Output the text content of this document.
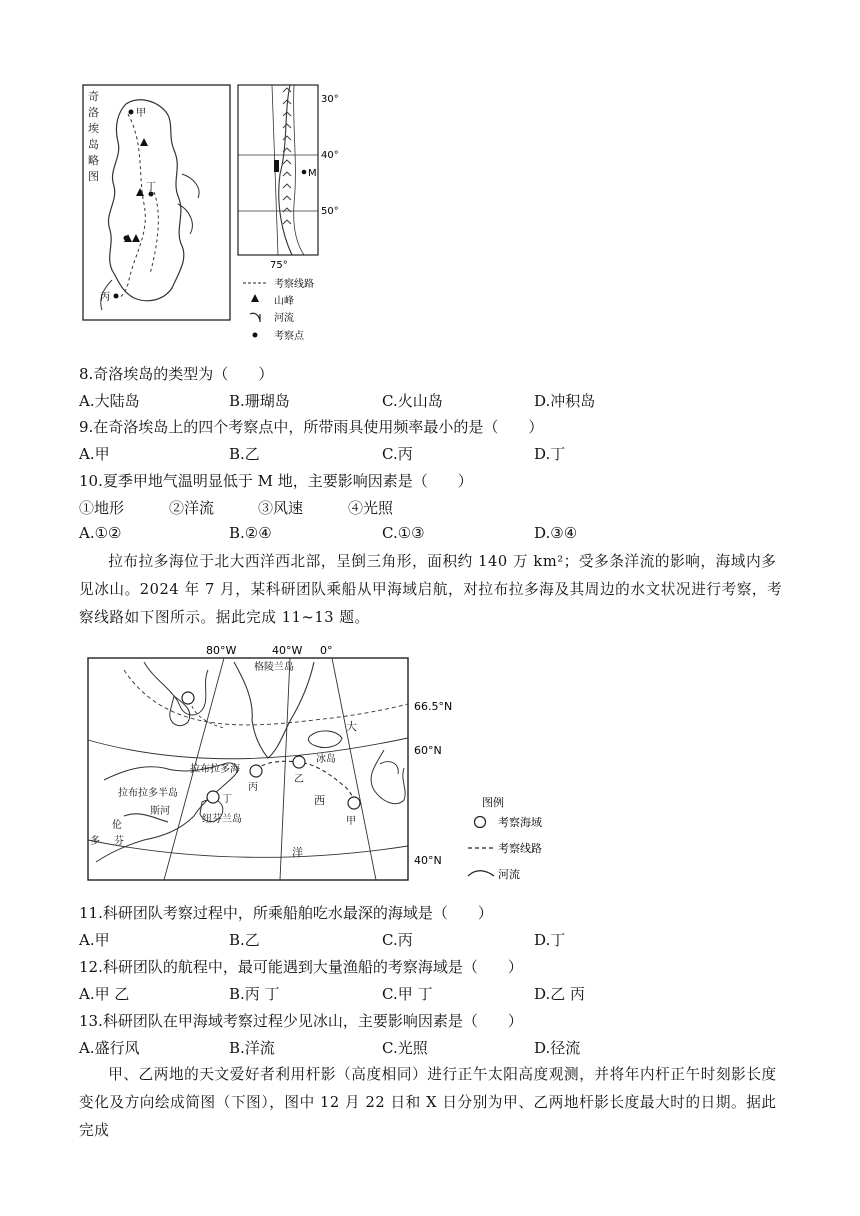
奇
洛
埃
岛
略
图
甲
丁
丙
M
30°
40°
50°
75°
考察线路
山峰
河流
考察点
8.奇洛埃岛的类型为（　　）
A.大陆岛	B.珊瑚岛	C.火山岛	D.冲积岛
9.在奇洛埃岛上的四个考察点中，所带雨具使用频率最小的是（　　）
A.甲	B.乙	C.丙	D.丁
10.夏季甲地气温明显低于 M 地，主要影响因素是（　　）
①地形	②洋流	③风速	④光照
A.①②	B.②④	C.①③	D.③④
拉布拉多海位于北大西洋西北部，呈倒三角形，面积约 140 万 km²；受多条洋流的影响，海域内多见冰山。2024 年 7 月，某科研团队乘船从甲海域启航，对拉布拉多海及其周边的水文状况进行考察，考察线路如下图所示。据此完成 11~13 题。
80°W	40°W 0°
66.5°N
60°N
40°N
格陵兰岛
拉布拉多海
冰岛
拉布拉多半岛
斯河
纽芬兰岛
伦
多 芬
大
西
洋
丙
乙
丁
甲
图例
考察海域
考察线路
河流
11.科研团队考察过程中，所乘船舶吃水最深的海域是（　　）
A.甲	B.乙	C.丙	D.丁
12.科研团队的航程中，最可能遇到大量渔船的考察海域是（　　）
A.甲 乙	B.丙 丁	C.甲 丁	D.乙 丙
13.科研团队在甲海域考察过程少见冰山，主要影响因素是（　　）
A.盛行风	B.洋流	C.光照	D.径流
甲、乙两地的天文爱好者利用杆影（高度相同）进行正午太阳高度观测，并将年内杆正午时刻影长度变化及方向绘成简图（下图），图中 12 月 22 日和 X 日分别为甲、乙两地杆影长度最大时的日期。据此完成
